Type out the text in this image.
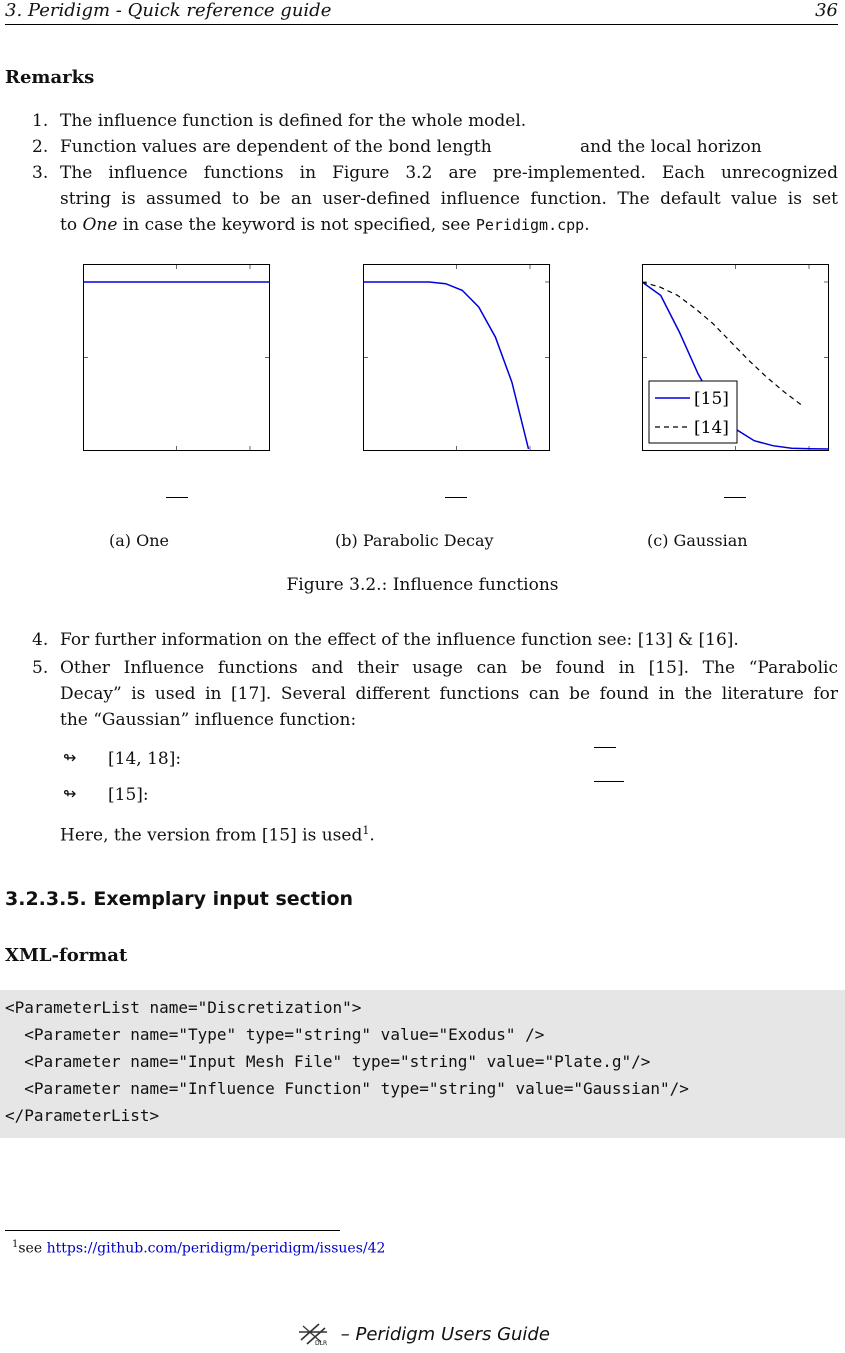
3. Peridigm - Quick reference guide	36
Remarks
1. The influence function is defined for the whole model.
2. Function values are dependent of the bond length	and the local horizon
3. The influence functions in Figure 3.2 are pre-implemented. Each unrecognized
string is assumed to be an user-defined influence function. The default value is set
to One in case the keyword is not specified, see Peridigm.cpp.
[15]
[14]
(a) One	(b) Parabolic Decay	(c) Gaussian
Figure 3.2.: Influence functions
4. For further information on the effect of the influence function see: [13] & [16].
5. Other Influence functions and their usage can be found in [15]. The “Parabolic
Decay” is used in [17]. Several different functions can be found in the literature for
the “Gaussian” influence function:
↬ [14, 18]:
↬ [15]:
Here, the version from [15] is used$^1$.
3.2.3.5. Exemplary input section
XML-format
<ParameterList name="Discretization">
<Parameter name="Type" type="string" value="Exodus" />
<Parameter name="Input Mesh File" type="string" value="Plate.g"/>
<Parameter name="Influence Function" type="string" value="Gaussian"/>
</ParameterList>
$^1$see https://github.com/peridigm/peridigm/issues/42
DLR – Peridigm Users Guide
